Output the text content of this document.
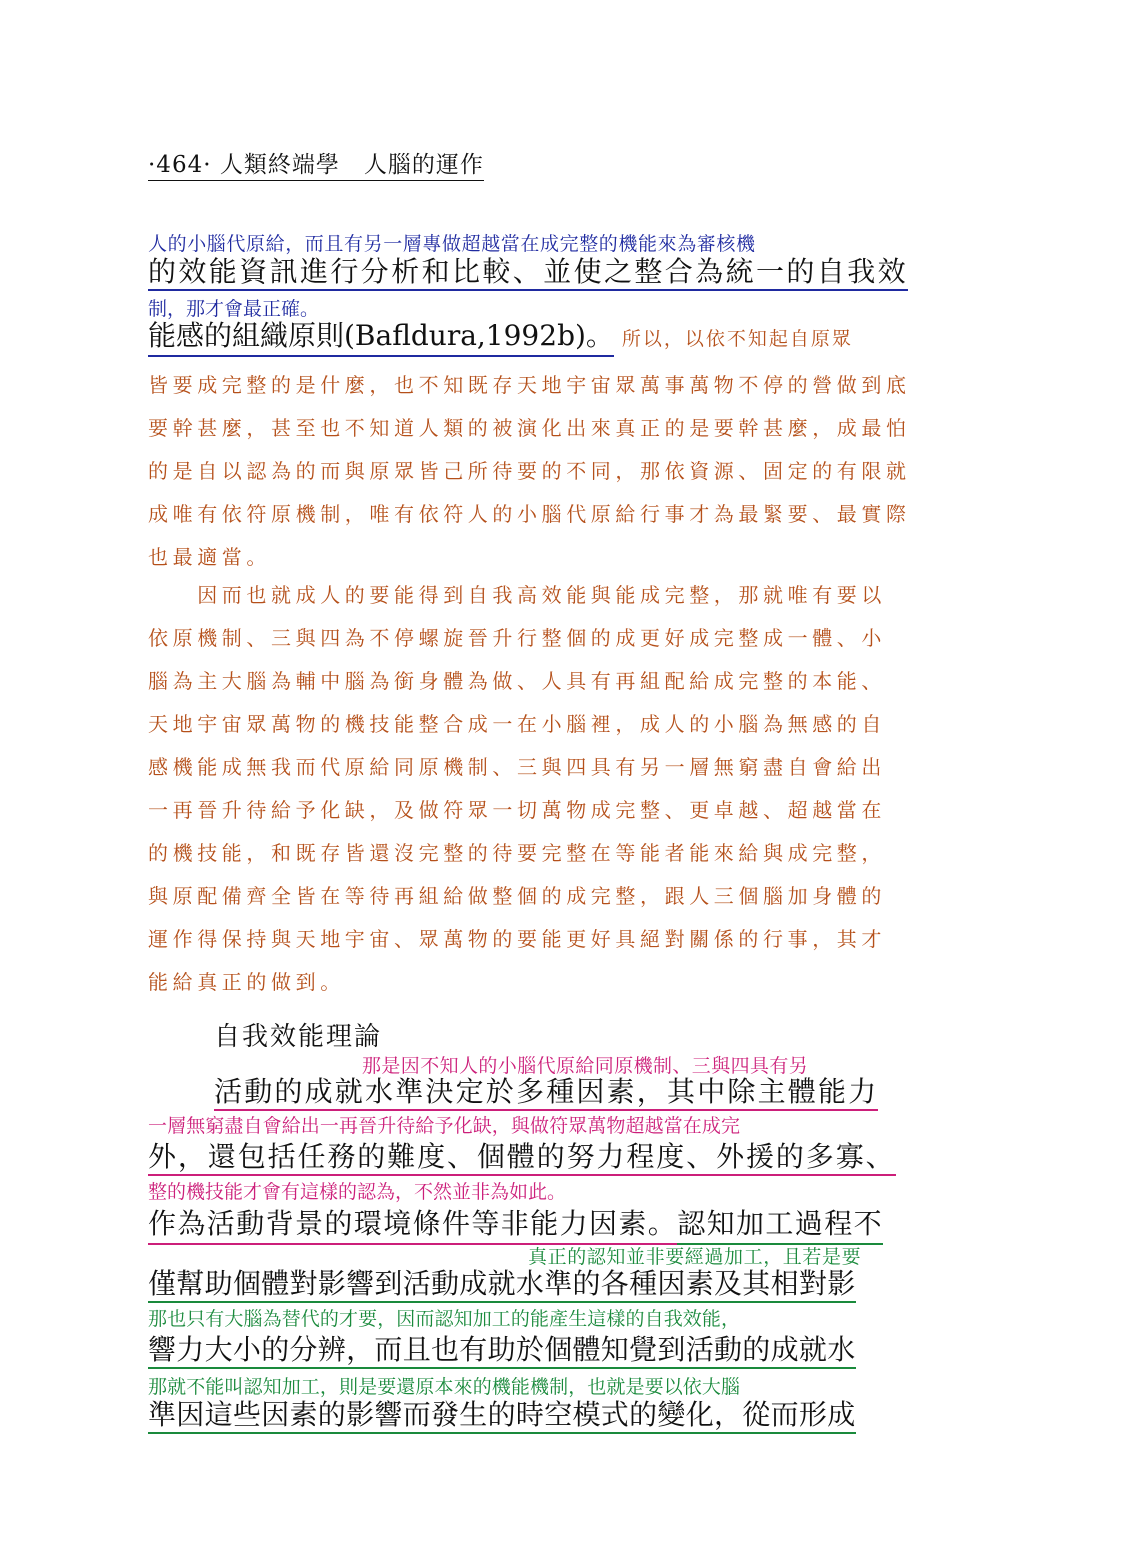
·464· 人類終端學　人腦的運作
人的小腦代原給，而且有另一層專做超越當在成完整的機能來為審核機
的效能資訊進行分析和比較、並使之整合為統一的自我效
制，那才會最正確。
能感的組織原則(Bafldura,1992b)。 所以，以依不知起自原眾
皆要成完整的是什麼，也不知既存天地宇宙眾萬事萬物不停的營做到底
要幹甚麼，甚至也不知道人類的被演化出來真正的是要幹甚麼，成最怕
的是自以認為的而與原眾皆己所待要的不同，那依資源、固定的有限就
成唯有依符原機制，唯有依符人的小腦代原給行事才為最緊要、最實際
也最適當。
　　因而也就成人的要能得到自我高效能與能成完整，那就唯有要以
依原機制、三與四為不停螺旋晉升行整個的成更好成完整成一體、小
腦為主大腦為輔中腦為銜身體為做、人具有再組配給成完整的本能、
天地宇宙眾萬物的機技能整合成一在小腦裡，成人的小腦為無感的自
感機能成無我而代原給同原機制、三與四具有另一層無窮盡自會給出
一再晉升待給予化缺，及做符眾一切萬物成完整、更卓越、超越當在
的機技能，和既存皆還沒完整的待要完整在等能者能來給與成完整，
與原配備齊全皆在等待再組給做整個的成完整，跟人三個腦加身體的
運作得保持與天地宇宙、眾萬物的要能更好具絕對關係的行事，其才
能給真正的做到。
自我效能理論
那是因不知人的小腦代原給同原機制、三與四具有另
活動的成就水準決定於多種因素，其中除主體能力
一層無窮盡自會給出一再晉升待給予化缺，與做符眾萬物超越當在成完
外，還包括任務的難度、個體的努力程度、外援的多寡、
整的機技能才會有這樣的認為，不然並非為如此。
作為活動背景的環境條件等非能力因素。認知加工過程不
真正的認知並非要經過加工，且若是要
僅幫助個體對影響到活動成就水準的各種因素及其相對影
那也只有大腦為替代的才要，因而認知加工的能產生這樣的自我效能，
響力大小的分辨，而且也有助於個體知覺到活動的成就水
那就不能叫認知加工，則是要還原本來的機能機制，也就是要以依大腦
準因這些因素的影響而發生的時空模式的變化，從而形成
